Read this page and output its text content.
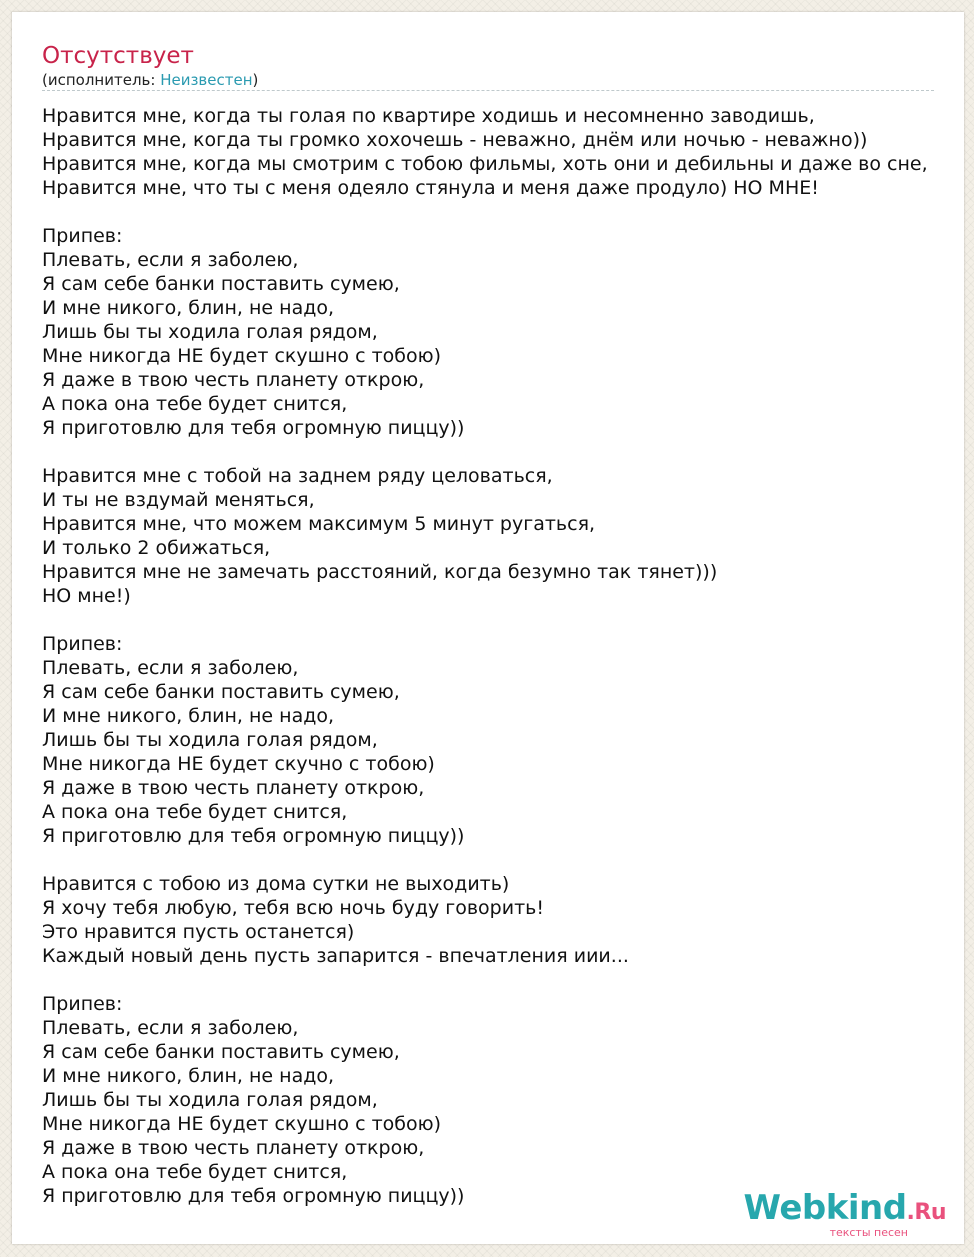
Отсутствует
(исполнитель: Неизвестен)
Нравится мне, когда ты голая по квартире ходишь и несомненно заводишь,
Нравится мне, когда ты громко хохочешь - неважно, днём или ночью - неважно))
Нравится мне, когда мы смотрим с тобою фильмы, хоть они и дебильны и даже во сне,
Нравится мне, что ты с меня одеяло стянула и меня даже продуло) НО МНЕ!

Припев:
Плевать, если я заболею,
Я сам себе банки поставить сумею,
И мне никого, блин, не надо,
Лишь бы ты ходила голая рядом,
Мне никогда НЕ будет скушно с тобою)
Я даже в твою честь планету открою,
А пока она тебе будет снится,
Я приготовлю для тебя огромную пиццу))

Нравится мне с тобой на заднем ряду целоваться,
И ты не вздумай меняться,
Нравится мне, что можем максимум 5 минут ругаться,
И только 2 обижаться,
Нравится мне не замечать расстояний, когда безумно так тянет)))
НО мне!)

Припев:
Плевать, если я заболею,
Я сам себе банки поставить сумею,
И мне никого, блин, не надо,
Лишь бы ты ходила голая рядом,
Мне никогда НЕ будет скучно с тобою)
Я даже в твою честь планету открою,
А пока она тебе будет снится,
Я приготовлю для тебя огромную пиццу))

Нравится с тобою из дома сутки не выходить)
Я хочу тебя любую, тебя всю ночь буду говорить!
Это нравится пусть останется)
Каждый новый день пусть запарится - впечатления иии...

Припев:
Плевать, если я заболею,
Я сам себе банки поставить сумею,
И мне никого, блин, не надо,
Лишь бы ты ходила голая рядом,
Мне никогда НЕ будет скушно с тобою)
Я даже в твою честь планету открою,
А пока она тебе будет снится,
Я приготовлю для тебя огромную пиццу))	Webkind.Ru
тексты песен
